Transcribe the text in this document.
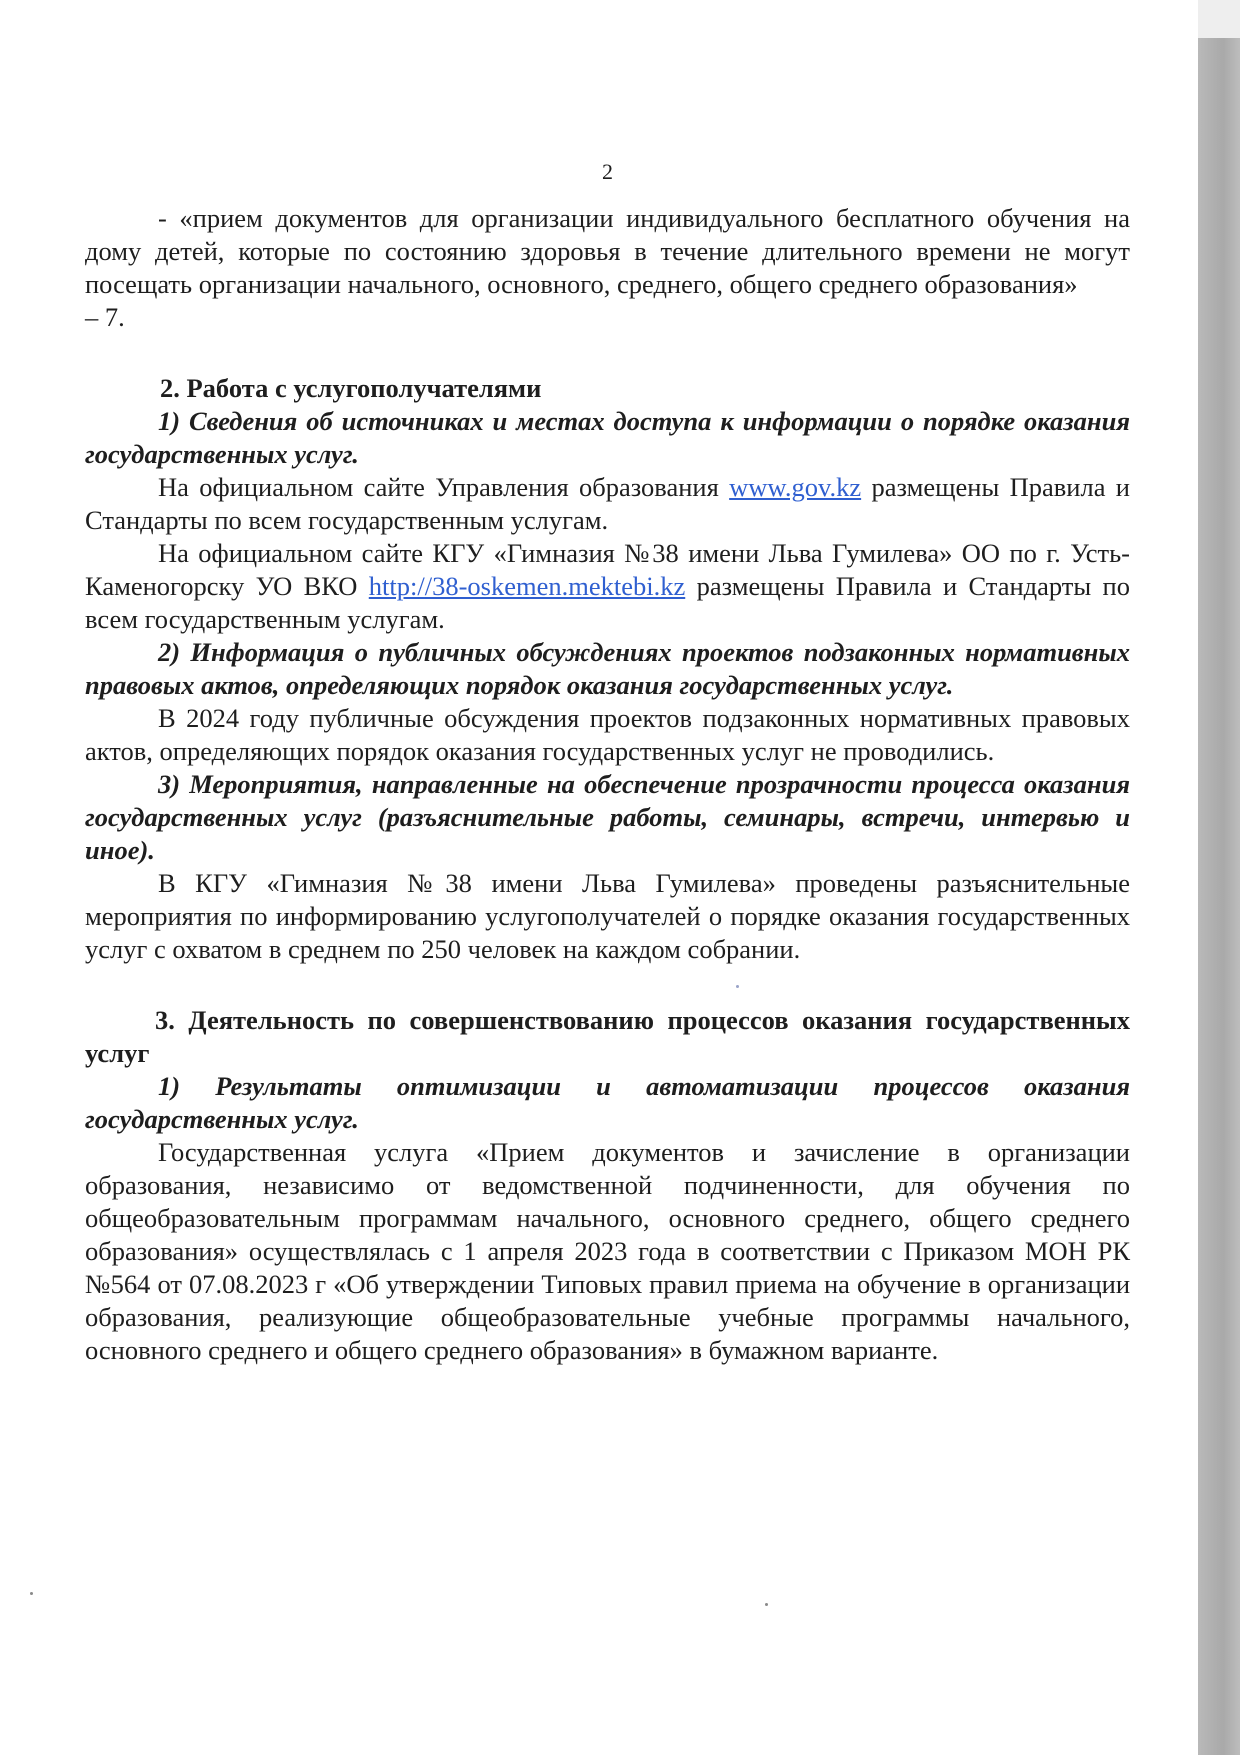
2

- «прием документов для организации индивидуального бесплатного обучения на дому детей, которые по состоянию здоровья в течение длительного времени не могут посещать организации начального, основного, среднего, общего среднего образования»

– 7.

2. Работа с услугополучателями

1) Сведения об источниках и местах доступа к информации о порядке оказания государственных услуг.

На официальном сайте Управления образования www.gov.kz размещены Правила и Стандарты по всем государственным услугам.

На официальном сайте КГУ «Гимназия №38 имени Льва Гумилева» ОО по г. Усть-Каменогорску УО ВКО http://38-oskemen.mektebi.kz размещены Правила и Стандарты по всем государственным услугам.

2) Информация о публичных обсуждениях проектов подзаконных нормативных правовых актов, определяющих порядок оказания государственных услуг.

В 2024 году публичные обсуждения проектов подзаконных нормативных правовых актов, определяющих порядок оказания государственных услуг не проводились.

3) Мероприятия, направленные на обеспечение прозрачности процесса оказания государственных услуг (разъяснительные работы, семинары, встречи, интервью и иное).

В КГУ «Гимназия №38 имени Льва Гумилева» проведены разъяснительные мероприятия по информированию услугополучателей о порядке оказания государственных услуг с охватом в среднем по 250 человек на каждом собрании.

3. Деятельность по совершенствованию процессов оказания государственных услуг

1) Результаты оптимизации и автоматизации процессов оказания государственных услуг.

Государственная услуга «Прием документов и зачисление в организации образования, независимо от ведомственной подчиненности, для обучения по общеобразовательным программам начального, основного среднего, общего среднего образования» осуществлялась с 1 апреля 2023 года в соответствии с Приказом МОН РК №564 от 07.08.2023 г «Об утверждении Типовых правил приема на обучение в организации образования, реализующие общеобразовательные учебные программы начального, основного среднего и общего среднего образования» в бумажном варианте.
